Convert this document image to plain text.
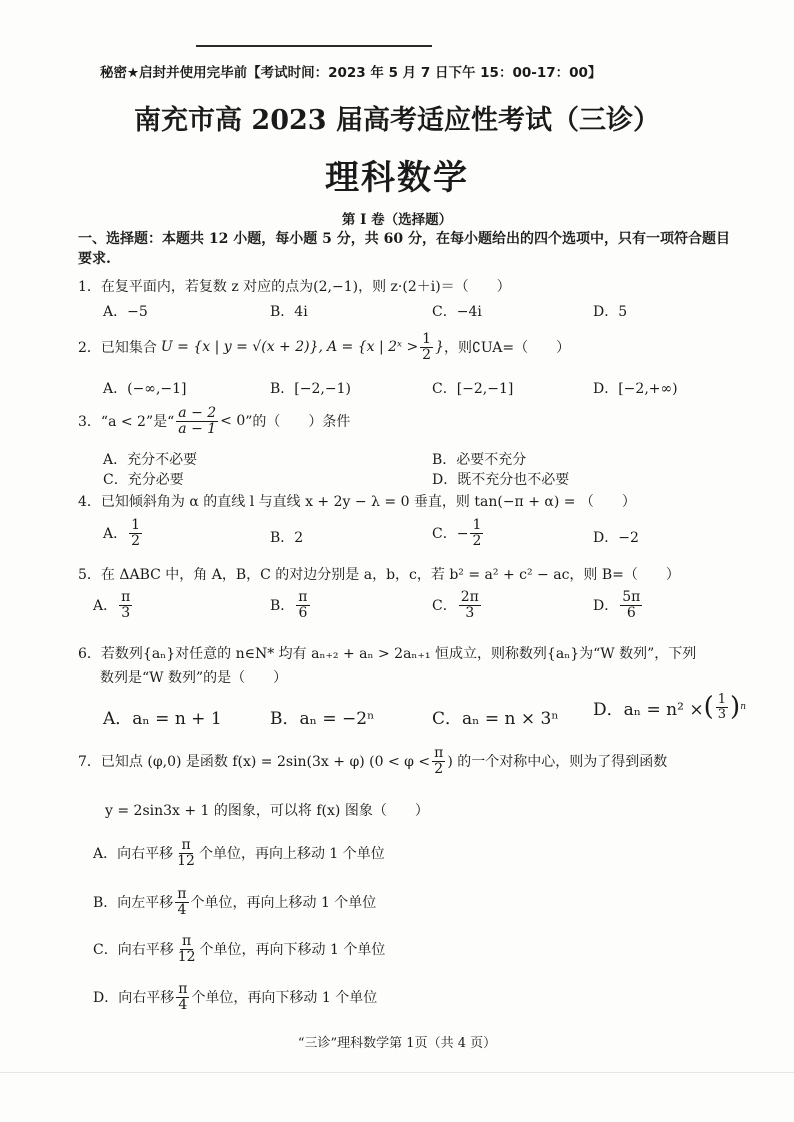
秘密★启封并使用完毕前【考试时间：2023 年 5 月 7 日下午 15：00-17：00】
南充市高 2023 届高考适应性考试（三诊）
理科数学
第 I 卷（选择题）
一、选择题：本题共 12 小题，每小题 5 分，共 60 分，在每小题给出的四个选项中，只有一项符合题目要求.
1．在复平面内，若复数 z 对应的点为(2,−1)，则 z·(2＋i)＝（　　）
A．−5	B．4i	C．−4i	D．5
2．已知集合 U = {x | y = √(x + 2)}, A = {x | 2ˣ > $\frac{1}{2}$ } ，则∁UA=（　　）
A．(−∞,−1]	B．[−2,−1)	C．[−2,−1]	D．[−2,+∞)
3．“a < 2”是“ $\frac{a - 2}{a - 1} < 0$ ”的（　　）条件
A．充分不必要	B．必要不充分
C．充分必要	D．既不充分也不必要
4．已知倾斜角为 α 的直线 l 与直线 x + 2y − λ = 0 垂直，则 tan(−π + α) = （　　）
A． $\frac{1}{2}$	B．2	C．− $\frac{1}{2}$	D．−2
5．在 ΔABC 中，角 A，B，C 的对边分别是 a，b，c，若 b² = a² + c² − ac，则 B=（　　）
A． $\frac{\pi}{3}$	B． $\frac{\pi}{6}$	C． $\frac{2\pi}{3}$	D． $\frac{5\pi}{6}$
6．若数列{aₙ}对任意的 n∈N* 均有 aₙ₊₂ + aₙ > 2aₙ₊₁ 恒成立，则称数列{aₙ}为“W 数列”，下列
数列是“W 数列”的是（　　）
A．aₙ = n + 1	B．aₙ = −2ⁿ	C．aₙ = n × 3ⁿ D．aₙ = n² × ( $\frac{1}{3}$ ) n
7．已知点 (φ,0) 是函数 f(x) = 2sin(3x + φ) ($0 < \varphi < \frac{\pi}{2}$ ) 的一个对称中心，则为了得到函数
y = 2sin3x + 1 的图象，可以将 f(x) 图象（　　）
A．向右平移 $\frac{\pi}{12}$ 个单位，再向上移动 1 个单位
B．向左平移 $\frac{\pi}{4}$ 个单位，再向上移动 1 个单位
C．向右平移 $\frac{\pi}{12}$ 个单位，再向下移动 1 个单位
D．向右平移 $\frac{\pi}{4}$ 个单位，再向下移动 1 个单位
“三诊”理科数学第 1页（共 4 页）
